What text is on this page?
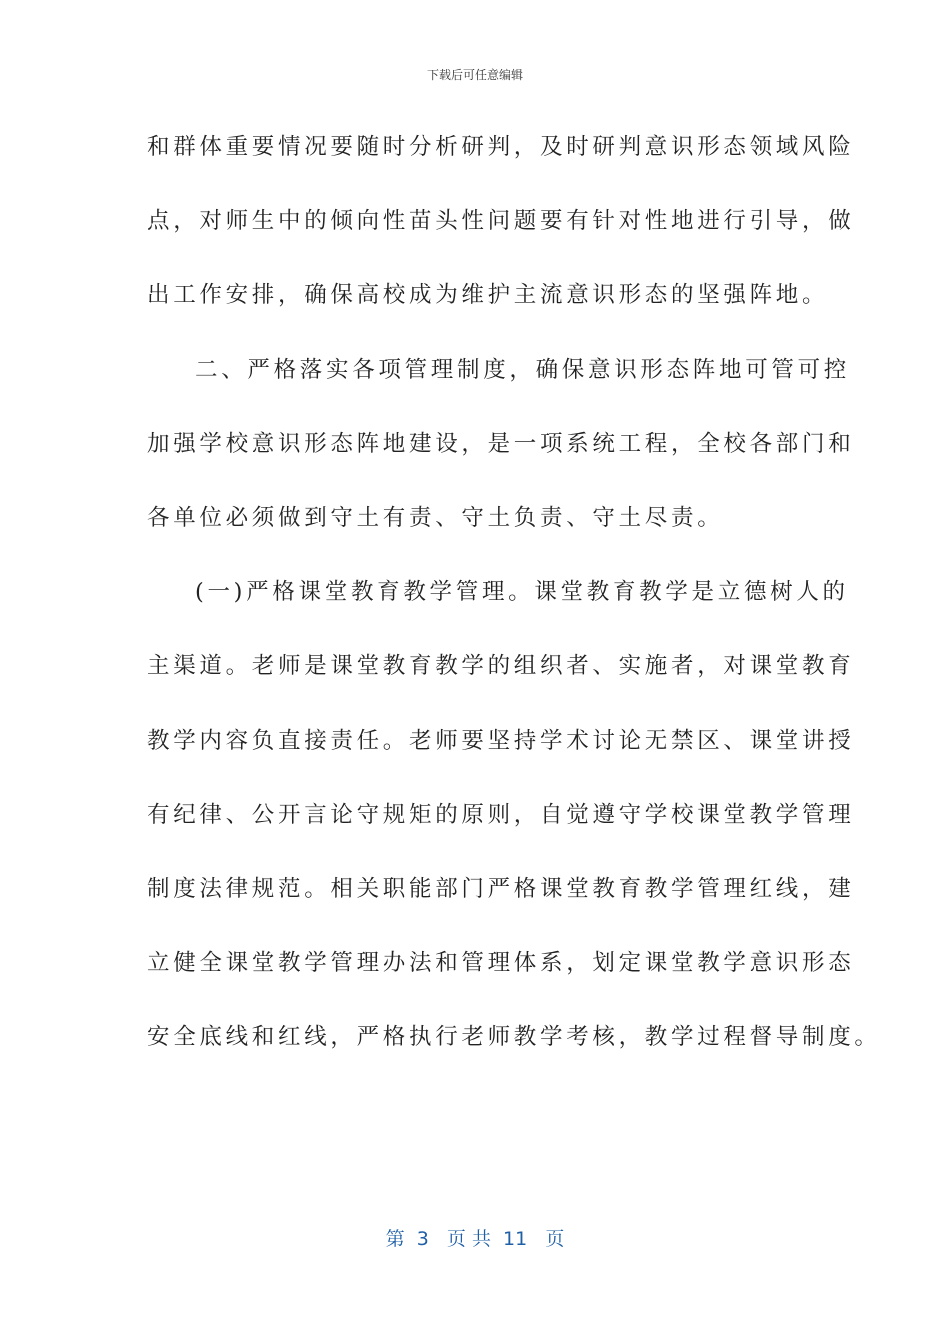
下载后可任意编辑
和群体重要情况要随时分析研判，及时研判意识形态领域风险
点，对师生中的倾向性苗头性问题要有针对性地进行引导，做
出工作安排，确保高校成为维护主流意识形态的坚强阵地。
二、严格落实各项管理制度，确保意识形态阵地可管可控
加强学校意识形态阵地建设，是一项系统工程，全校各部门和
各单位必须做到守土有责、守土负责、守土尽责。
(一)严格课堂教育教学管理。课堂教育教学是立德树人的
主渠道。老师是课堂教育教学的组织者、实施者，对课堂教育
教学内容负直接责任。老师要坚持学术讨论无禁区、课堂讲授
有纪律、公开言论守规矩的原则，自觉遵守学校课堂教学管理
制度法律规范。相关职能部门严格课堂教育教学管理红线，建
立健全课堂教学管理办法和管理体系，划定课堂教学意识形态
安全底线和红线，严格执行老师教学考核，教学过程督导制度。
第  3   页 共  11   页
